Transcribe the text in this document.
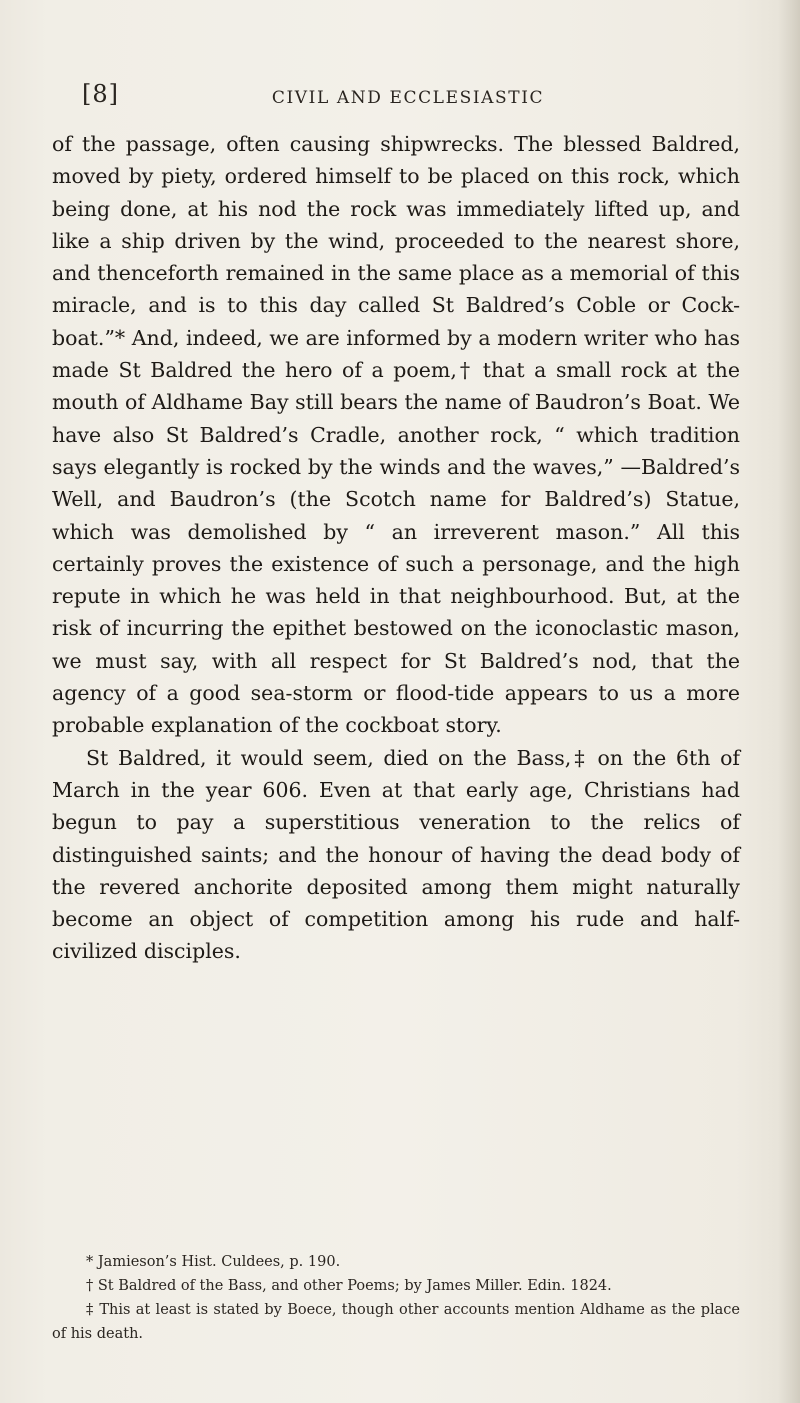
[8]	CIVIL AND ECCLESIASTIC

of the passage, often causing shipwrecks. The blessed Baldred, moved by piety, ordered himself to be placed on this rock, which being done, at his nod the rock was immediately lifted up, and like a ship driven by the wind, proceeded to the nearest shore, and thenceforth remained in the same place as a memorial of this miracle, and is to this day called St Baldred’s Coble or Cock-boat.”* And, indeed, we are informed by a modern writer who has made St Baldred the hero of a poem,† that a small rock at the mouth of Aldhame Bay still bears the name of Baudron’s Boat. We have also St Baldred’s Cradle, another rock, “ which tradition says elegantly is rocked by the winds and the waves,” —Baldred’s Well, and Baudron’s (the Scotch name for Baldred’s) Statue, which was demolished by “ an irreverent mason.” All this certainly proves the existence of such a personage, and the high repute in which he was held in that neighbourhood. But, at the risk of incurring the epithet bestowed on the iconoclastic mason, we must say, with all respect for St Baldred’s nod, that the agency of a good sea-storm or flood-tide appears to us a more probable explanation of the cockboat story.

St Baldred, it would seem, died on the Bass,‡ on the 6th of March in the year 606. Even at that early age, Christians had begun to pay a superstitious veneration to the relics of distinguished saints; and the honour of having the dead body of the revered anchorite deposited among them might naturally become an object of competition among his rude and half-civilized disciples.

* Jamieson’s Hist. Culdees, p. 190.

† St Baldred of the Bass, and other Poems; by James Miller. Edin. 1824.

‡ This at least is stated by Boece, though other accounts mention Aldhame as the place of his death.
